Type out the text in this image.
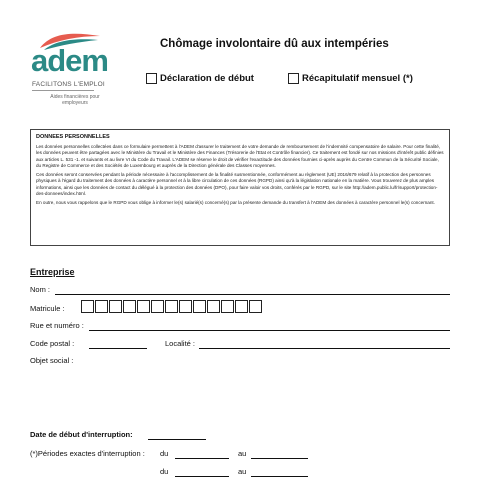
adem
FACILITONS L'EMPLOI
Aides financières pour employeurs
Chômage involontaire dû aux intempéries
Déclaration de début	Récapitulatif mensuel (*)
DONNEES PERSONNELLES

Les données personnelles collectées dans ce formulaire permettent à l'ADEM d'assurer le traitement de votre demande de remboursement de l'indemnité compensatoire de salaire. Pour cette finalité, les données peuvent être partagées avec le Ministère du Travail et le Ministère des Finances (Trésorerie de l'Etat et Contrôle financier). Ce traitement est fondé sur nos missions d'intérêt public définies aux articles L. 531 -1. et suivants et au livre VI du Code du Travail. L'ADEM se réserve le droit de vérifier l'exactitude des données fournies ci-après auprès du Centre Commun de la Sécurité Sociale, du Registre de Commerce et des Sociétés de Luxembourg et auprès de la Direction générale des Classes moyennes.

Ces données seront conservées pendant la période nécessaire à l'accomplissement de la finalité susmentionnée, conformément au règlement (UE) 2016/679 relatif à la protection des personnes physiques à l'égard du traitement des données à caractère personnel et à la libre circulation de ces données (RGPD) ainsi qu'à la législation nationale en la matière. Vous trouverez de plus amples informations, ainsi que les données de contact du délégué à la protection des données (DPO), pour faire valoir vos droits, conférés par le RGPD, sur le site http://adem.public.lu/fr/support/protection-des-donnees/index.html.

En outre, nous vous rappelons que le RGPD vous oblige à informer le(s) salarié(s) concerné(s) par la présente demande du transfert à l'ADEM des données à caractère personnel le(s) concernant.

Entreprise
Nom :
Matricule :
Rue et numéro :
Code postal :	Localité :
Objet social :
Date de début d'interruption:
(*)Périodes exactes d'interruption : du	au
du	au
